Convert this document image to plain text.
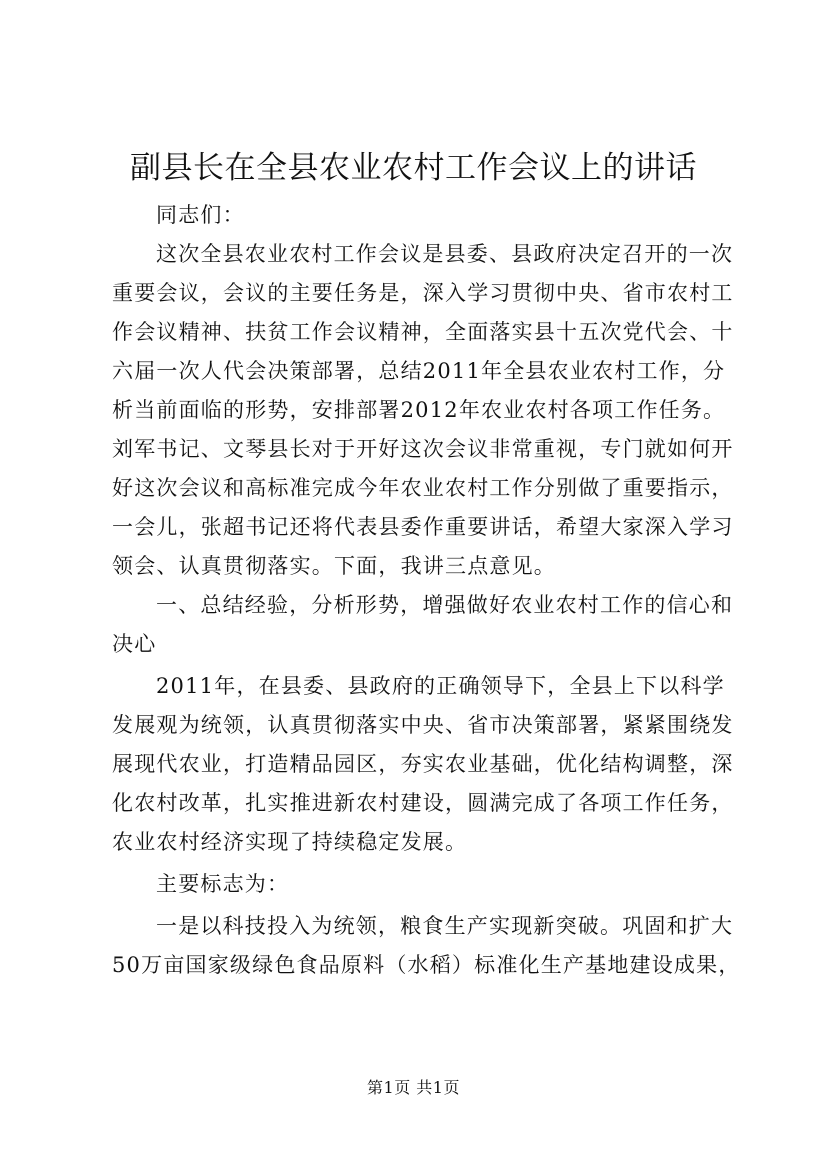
副县长在全县农业农村工作会议上的讲话
同志们：
这次全县农业农村工作会议是县委、县政府决定召开的一次
重要会议，会议的主要任务是，深入学习贯彻中央、省市农村工
作会议精神、扶贫工作会议精神，全面落实县十五次党代会、十
六届一次人代会决策部署，总结2011年全县农业农村工作，分
析当前面临的形势，安排部署2012年农业农村各项工作任务。
刘军书记、文琴县长对于开好这次会议非常重视，专门就如何开
好这次会议和高标准完成今年农业农村工作分别做了重要指示，
一会儿，张超书记还将代表县委作重要讲话，希望大家深入学习
领会、认真贯彻落实。下面，我讲三点意见。
一、总结经验，分析形势，增强做好农业农村工作的信心和
决心
2011年，在县委、县政府的正确领导下，全县上下以科学
发展观为统领，认真贯彻落实中央、省市决策部署，紧紧围绕发
展现代农业，打造精品园区，夯实农业基础，优化结构调整，深
化农村改革，扎实推进新农村建设，圆满完成了各项工作任务，
农业农村经济实现了持续稳定发展。
主要标志为：
一是以科技投入为统领，粮食生产实现新突破。巩固和扩大
50万亩国家级绿色食品原料（水稻）标准化生产基地建设成果，
第1页 共1页
